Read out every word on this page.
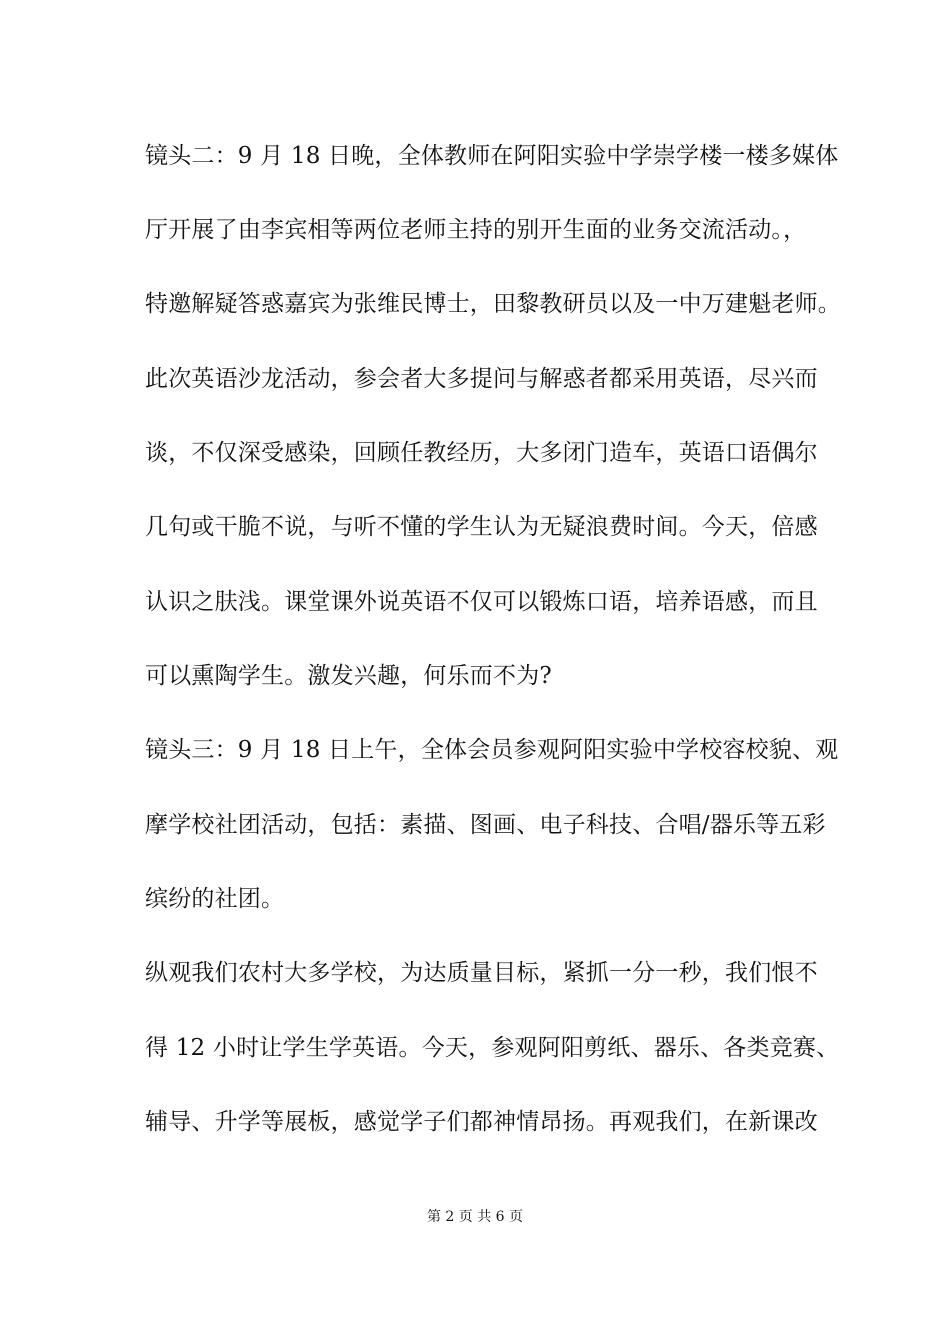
镜头二：9 月 18 日晚，全体教师在阿阳实验中学崇学楼一楼多媒体
厅开展了由李宾相等两位老师主持的别开生面的业务交流活动。，
特邀解疑答惑嘉宾为张维民博士，田黎教研员以及一中万建魁老师。
此次英语沙龙活动，参会者大多提问与解惑者都采用英语，尽兴而
谈，不仅深受感染，回顾任教经历，大多闭门造车，英语口语偶尔
几句或干脆不说，与听不懂的学生认为无疑浪费时间。今天，倍感
认识之肤浅。课堂课外说英语不仅可以锻炼口语，培养语感，而且
可以熏陶学生。激发兴趣，何乐而不为?
镜头三：9 月 18 日上午，全体会员参观阿阳实验中学校容校貌、观
摩学校社团活动，包括：素描、图画、电子科技、合唱/器乐等五彩
缤纷的社团。
纵观我们农村大多学校，为达质量目标，紧抓一分一秒，我们恨不
得 12 小时让学生学英语。今天，参观阿阳剪纸、器乐、各类竞赛、
辅导、升学等展板，感觉学子们都神情昂扬。再观我们，在新课改
第 2 页 共 6 页
